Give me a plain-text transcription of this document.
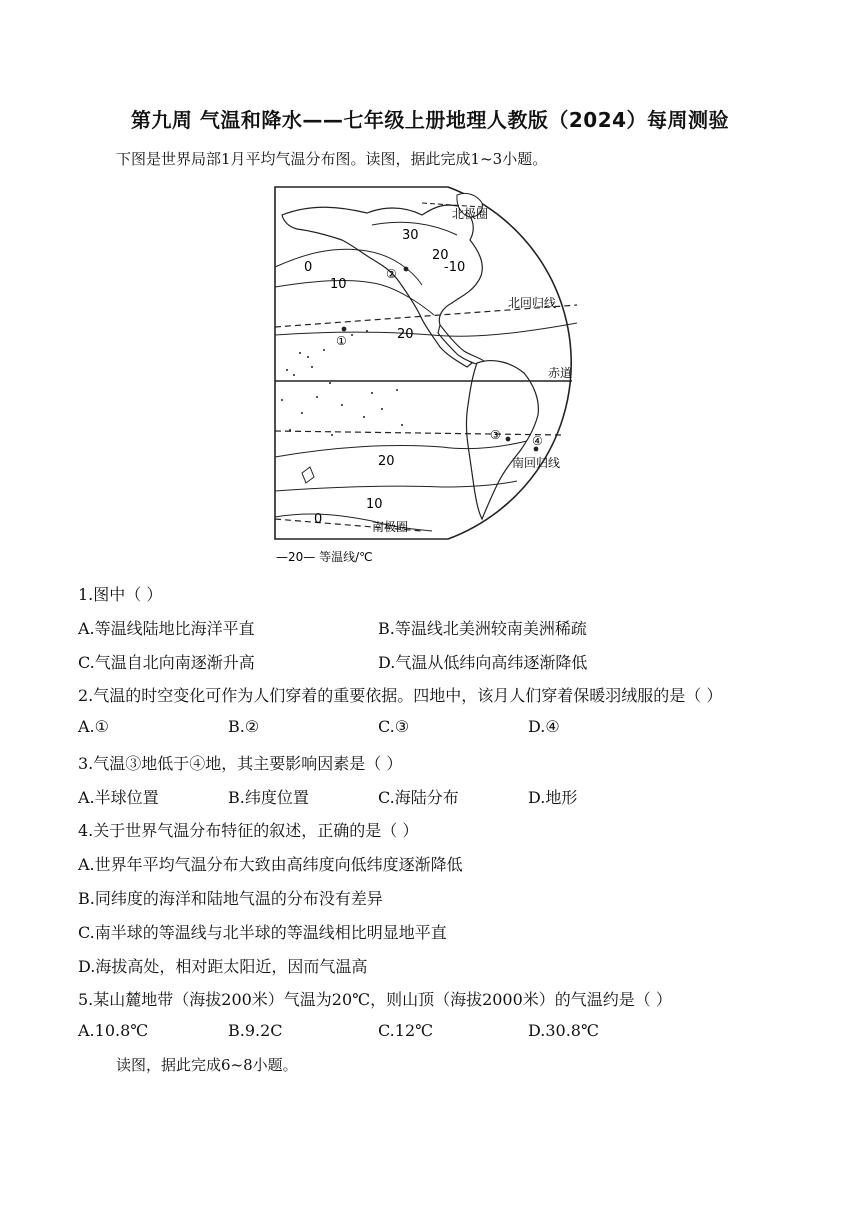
第九周 气温和降水——七年级上册地理人教版（2024）每周测验
下图是世界局部1月平均气温分布图。读图，据此完成1~3小题。
30
20
-10
0
10
20
20
10
0
北极圈
北回归线
赤道
南回归线
南极圈
①
②
③	④
—20— 等温线/℃
1.图中（ ）
A.等温线陆地比海洋平直	B.等温线北美洲较南美洲稀疏
C.气温自北向南逐渐升高	D.气温从低纬向高纬逐渐降低
2.气温的时空变化可作为人们穿着的重要依据。四地中，该月人们穿着保暖羽绒服的是（ ）
A.①	B.②	C.③	D.④
3.气温③地低于④地，其主要影响因素是（ ）
A.半球位置	B.纬度位置	C.海陆分布	D.地形
4.关于世界气温分布特征的叙述，正确的是（ ）
A.世界年平均气温分布大致由高纬度向低纬度逐渐降低
B.同纬度的海洋和陆地气温的分布没有差异
C.南半球的等温线与北半球的等温线相比明显地平直
D.海拔高处，相对距太阳近，因而气温高
5.某山麓地带（海拔200米）气温为20℃，则山顶（海拔2000米）的气温约是（ ）
A.10.8℃	B.9.2C	C.12℃	D.30.8℃
读图，据此完成6~8小题。
